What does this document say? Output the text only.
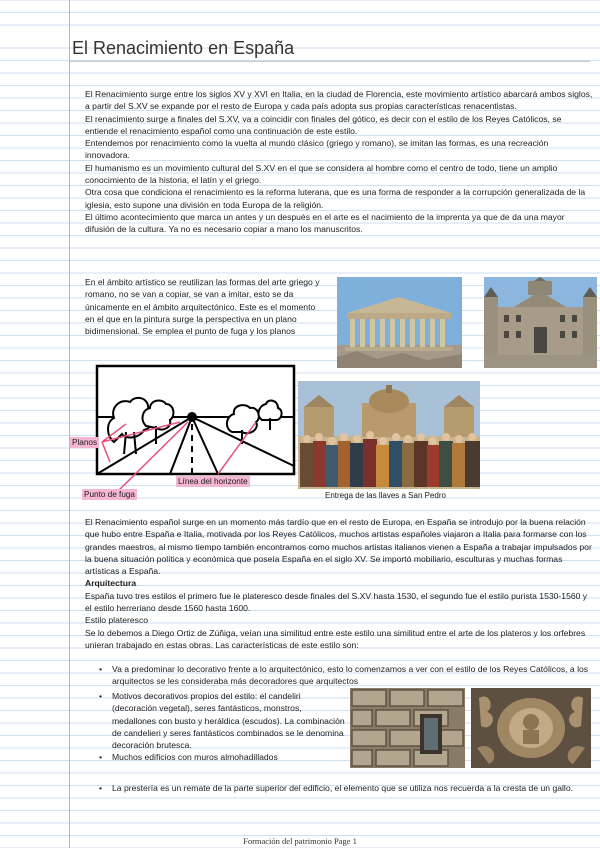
El Renacimiento en España

El Renacimiento surge entre los siglos XV y XVI en Italia, en la ciudad de Florencia, este movimiento artístico abarcará ambos siglos, a partir del S.XV se expande por el resto de Europa y cada país adopta sus propias características renacentistas.

El renacimiento surge a finales del S.XV, va a coincidir con finales del gótico, es decir con el estilo de los Reyes Católicos, se entiende el renacimiento español como una continuación de este estilo.

Entendemos por renacimiento como la vuelta al mundo clásico (griego y romano), se imitan las formas, es una recreación innovadora.

El humanismo es un movimiento cultural del S.XV en el que se considera al hombre como el centro de todo, tiene un amplio conocimiento de la historia, el latín y el griego.

Otra cosa que condiciona el renacimiento es la reforma luterana, que es una forma de responder a la corrupción generalizada de la iglesia, esto supone una división en toda Europa de la religión.

El último acontecimiento que marca un antes y un después en el arte es el nacimiento de la imprenta ya que de da una mayor difusión de la cultura. Ya no es necesario copiar a mano los manuscritos.

En el ámbito artístico se reutilizan las formas del arte griego y romano, no se van a copiar, se van a imitar, esto se da únicamente en el ámbito arquitectónico. Este es el momento en el que en la pintura surge la perspectiva en un plano bidimensional. Se emplea el punto de fuga y los planos

Planos
Línea del horizonte
Punto de fuga	Entrega de las llaves a San Pedro

El Renacimiento español surge en un momento más tardío que en el resto de Europa, en España se introdujo por la buena relación que hubo entre España e Italia, motivada por los Reyes Católicos, muchos artistas españoles viajaron a Italia para formarse con los grandes maestros, al mismo tiempo también encontramos como muchos artistas italianos vienen a España a trabajar impulsados por la buena situación política y económica que poseía España en el siglo XV. Se importó mobiliario, esculturas y muchas formas artísticas a España.

Arquitectura

España tuvo tres estilos el primero fue le plateresco desde finales del S.XV hasta 1530, el segundo fue el estilo purista 1530-1560 y el estilo herreriano desde 1560 hasta 1600.

Estilo plateresco

Se lo debemos a Diego Ortiz de Zúñiga, veían una similitud entre este estilo una similitud entre el arte de los plateros y los orfebres unieran trabajado en estas obras. Las características de este estilo son:

• Va a predominar lo decorativo frente a lo arquitectónico, esto lo comenzamos a ver con el estilo de los Reyes Católicos, a los arquitectos se les consideraba más decoradores que arquitectos
• Motivos decorativos propios del estilo: el candeliri (decoración vegetal), seres fantásticos, monstros, medallones con busto y heráldica (escudos). La combinación de candelieri y seres fantásticos combinados se le denomina decoración brutesca.
• Muchos edificios con muros almohadillados
• La prestería es un remate de la parte superior del edificio, el elemento que se utiliza nos recuerda a la cresta de un gallo.
Formación del patrimonio Page 1
